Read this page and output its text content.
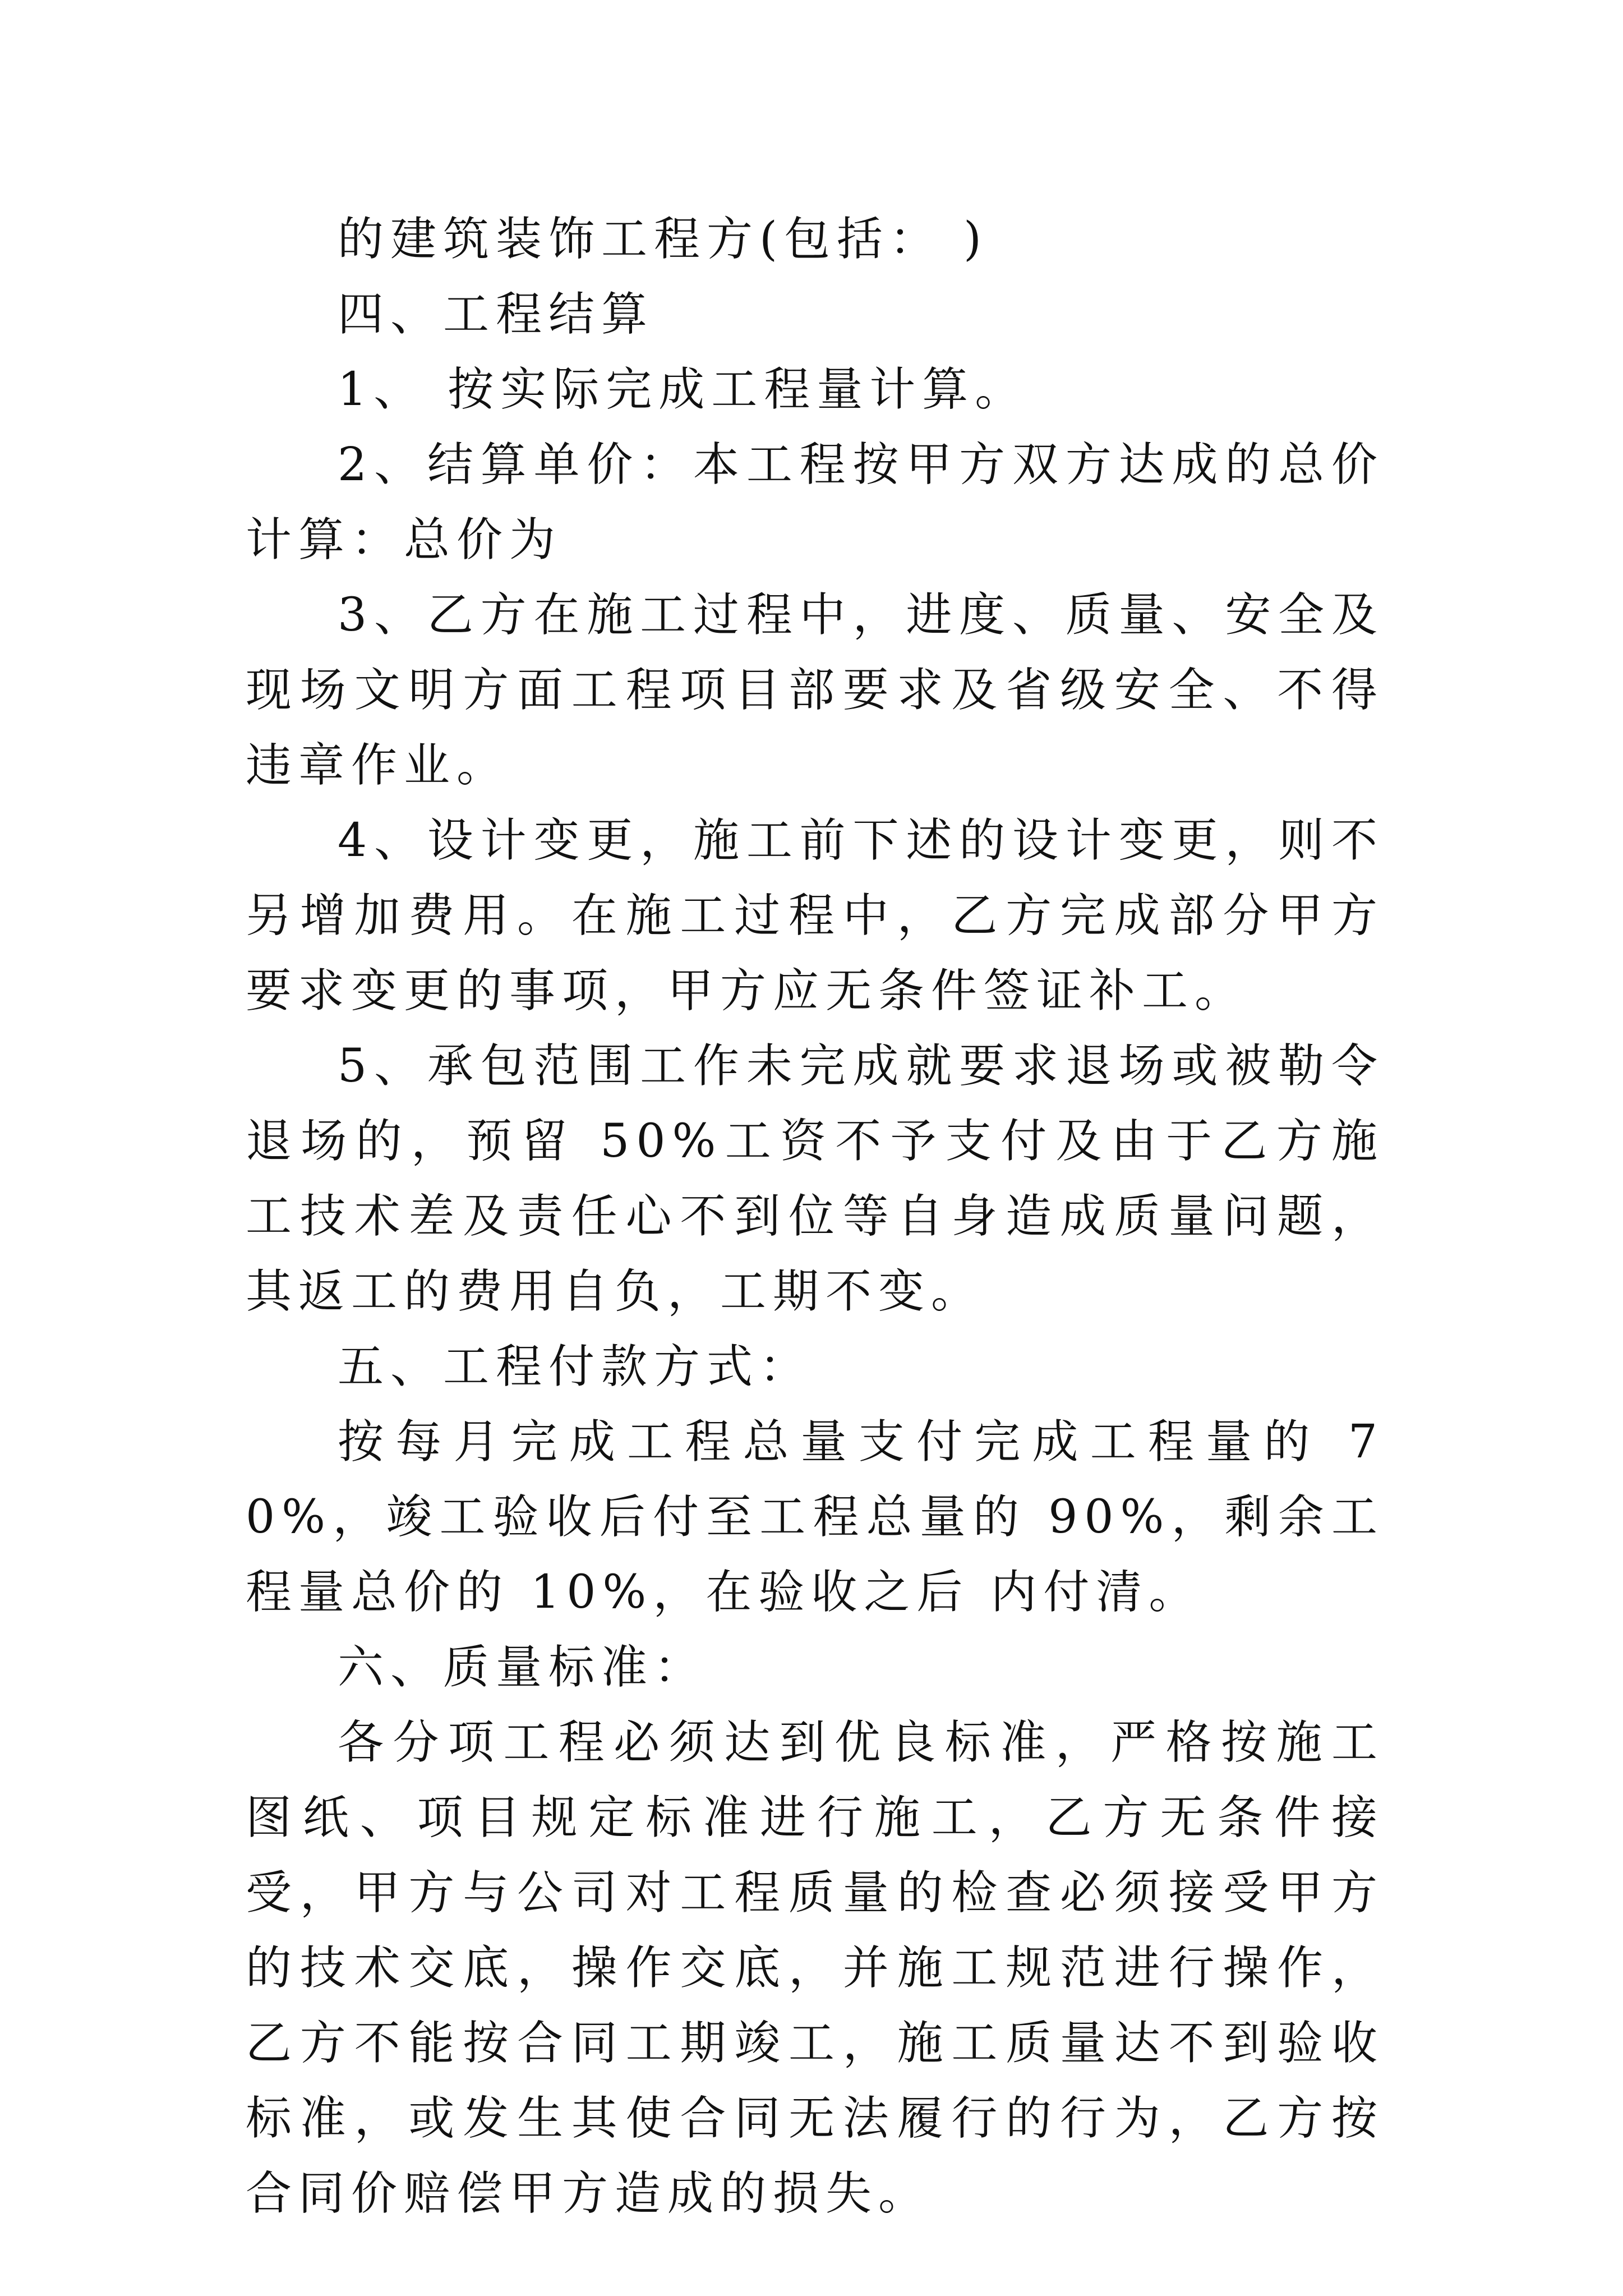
的建筑装饰工程方(包括： )

四、工程结算

1、 按实际完成工程量计算。

2、结算单价：本工程按甲方双方达成的总价计算：总价为

3、乙方在施工过程中，进度、质量、安全及现场文明方面工程项目部要求及省级安全、不得违章作业。

4、设计变更，施工前下述的设计变更，则不另增加费用。在施工过程中，乙方完成部分甲方要求变更的事项，甲方应无条件签证补工。

5、承包范围工作未完成就要求退场或被勒令退场的，预留 50%工资不予支付及由于乙方施工技术差及责任心不到位等自身造成质量问题，其返工的费用自负，工期不变。

五、工程付款方式：

按每月完成工程总量支付完成工程量的 70%，竣工验收后付至工程总量的 90%，剩余工程量总价的 10%，在验收之后 内付清。

六、质量标准：

各分项工程必须达到优良标准，严格按施工图纸、项目规定标准进行施工，乙方无条件接受，甲方与公司对工程质量的检查必须接受甲方的技术交底，操作交底，并施工规范进行操作，乙方不能按合同工期竣工，施工质量达不到验收标准，或发生其使合同无法履行的行为，乙方按合同价赔偿甲方造成的损失。
